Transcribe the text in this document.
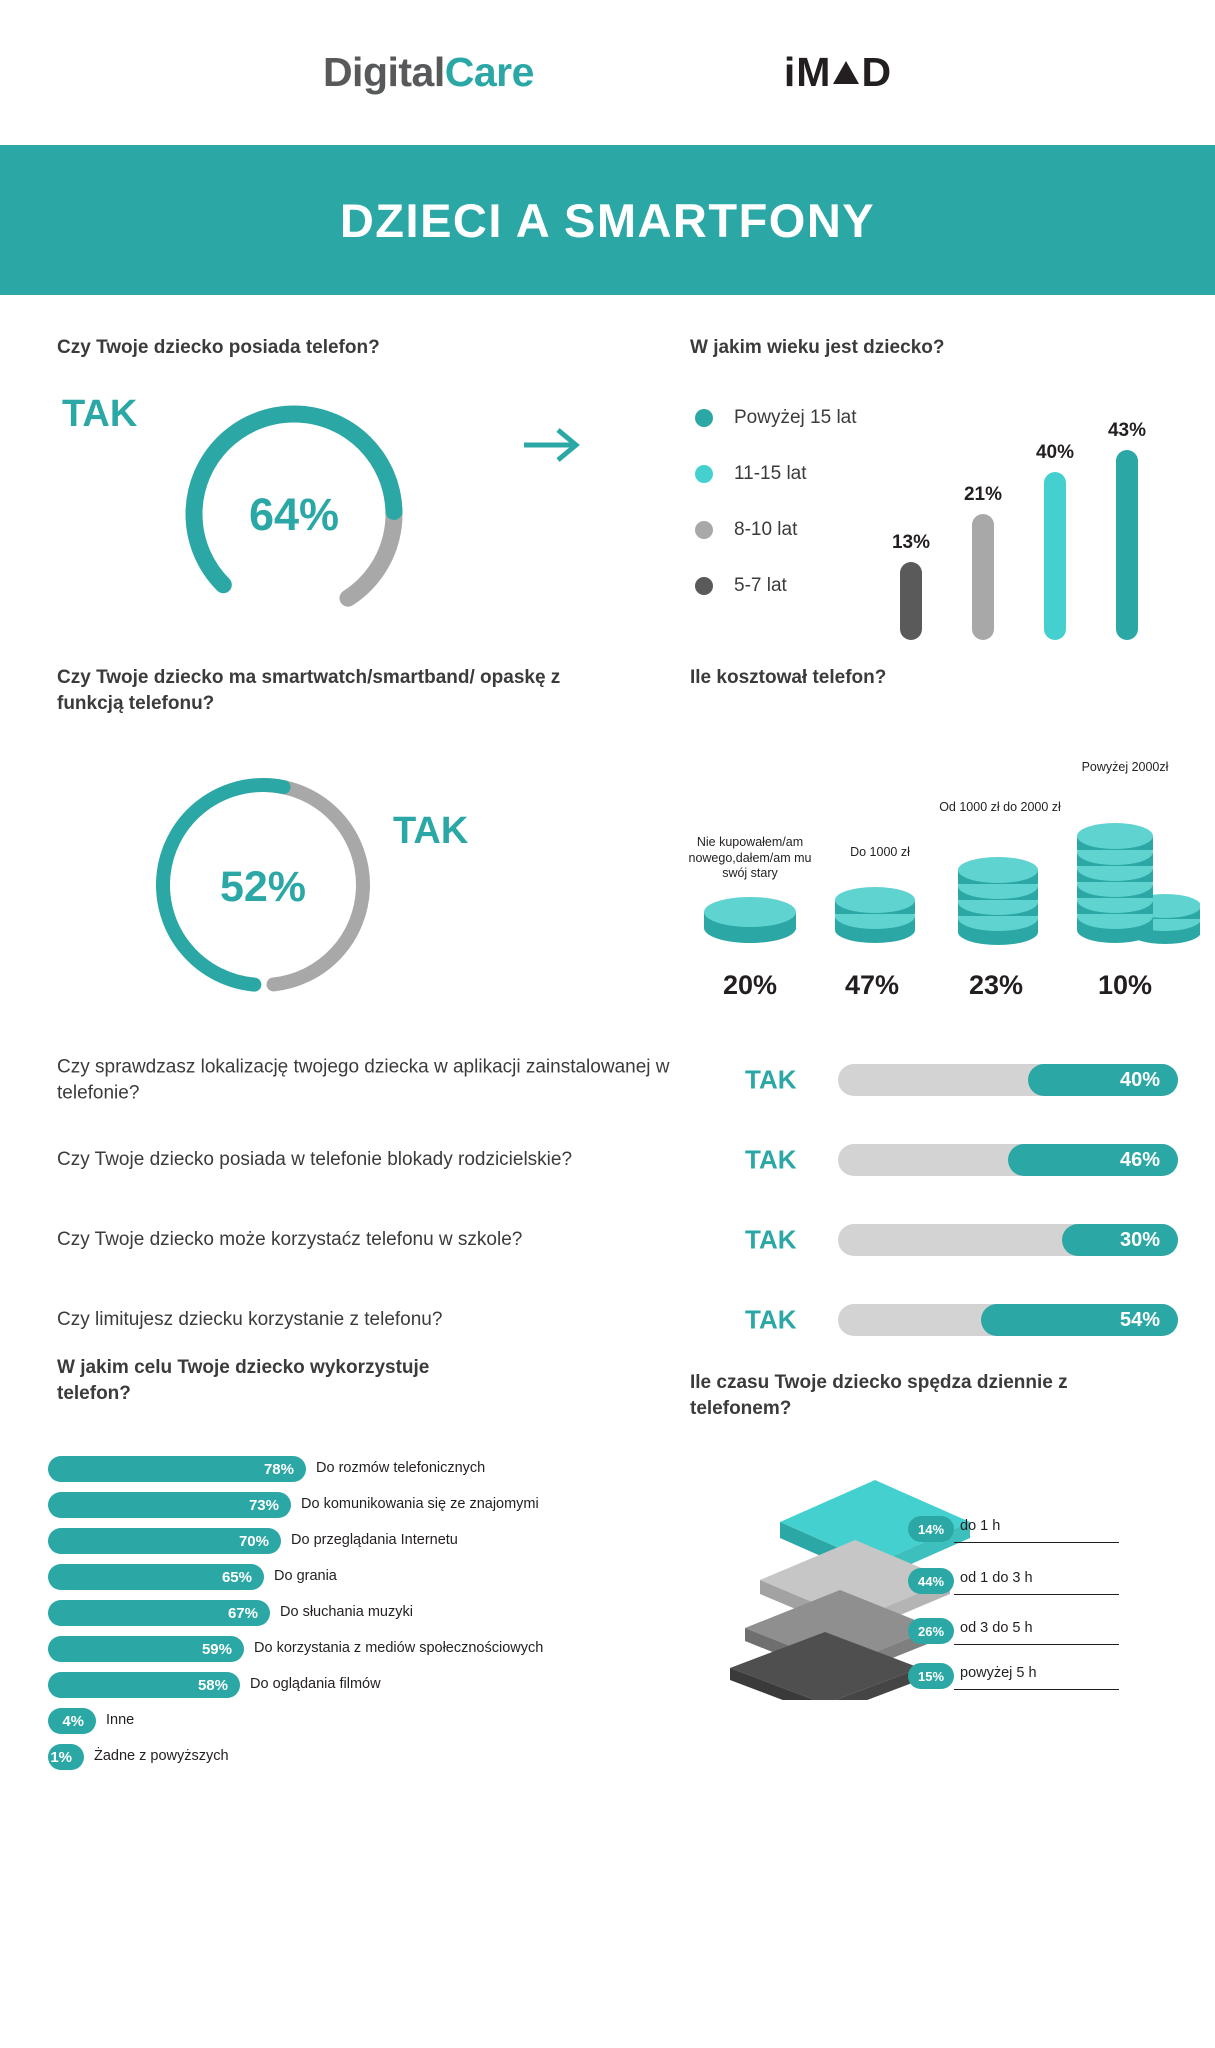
DigitalCare	iM D
DZIECI A SMARTFONY
Czy Twoje dziecko posiada telefon?
TAK
64%
W jakim wieku jest dziecko?
Powyżej 15 lat
11-15 lat
8-10 lat
5-7 lat
13%
21%
40%
43%
Czy Twoje dziecko ma smartwatch/smartband/ opaskę z funkcją telefonu?
52%
TAK
Ile kosztował telefon?
Nie kupowałem/am nowego,dałem/am mu swój stary
Do 1000 zł
Od 1000 zł do 2000 zł
Powyżej 2000zł
20%	47%	23%	10%
Czy sprawdzasz lokalizację twojego dziecka w aplikacji zainstalowanej w telefonie?	TAK	40%
Czy Twoje dziecko posiada w telefonie blokady rodzicielskie?	TAK	46%
Czy Twoje dziecko może korzystaćz telefonu w szkole?	TAK	30%
Czy limitujesz dziecku korzystanie z telefonu?	TAK	54%
W jakim celu Twoje dziecko wykorzystuje telefon?
78%	Do rozmów telefonicznych
73%	Do komunikowania się ze znajomymi
70%	Do przeglądania Internetu
65%	Do grania
67%	Do słuchania muzyki
59%	Do korzystania z mediów społecznościowych
58%	Do oglądania filmów
4%	Inne
1%	Żadne z powyższych
Ile czasu Twoje dziecko spędza dziennie z telefonem?
14%	do 1 h
44%	od 1 do 3 h
26%	od 3 do 5 h
15%	powyżej 5 h
